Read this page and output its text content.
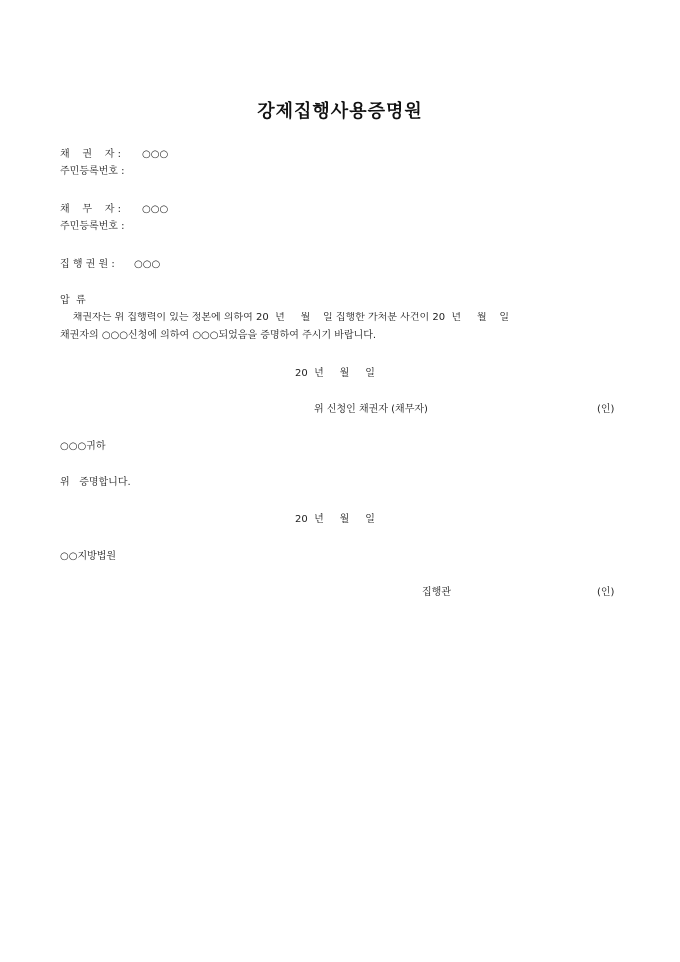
강제집행사용증명원
채    권    자 : ○○○
주민등록번호 :
채    무    자 : ○○○
주민등록번호 :
집 행 권 원 : ○○○
압  류
채권자는 위 집행력이 있는 정본에 의하여 20  년     월    일 집행한 가처분 사건이 20  년     월    일
채권자의 ○○○신청에 의하여 ○○○되었음을 증명하여 주시기 바랍니다.
20  년     월     일
위 신청인 채권자 (채무자)	(인)
○○○귀하
위   증명합니다.
20  년     월     일
○○지방법원
집행관	(인)
